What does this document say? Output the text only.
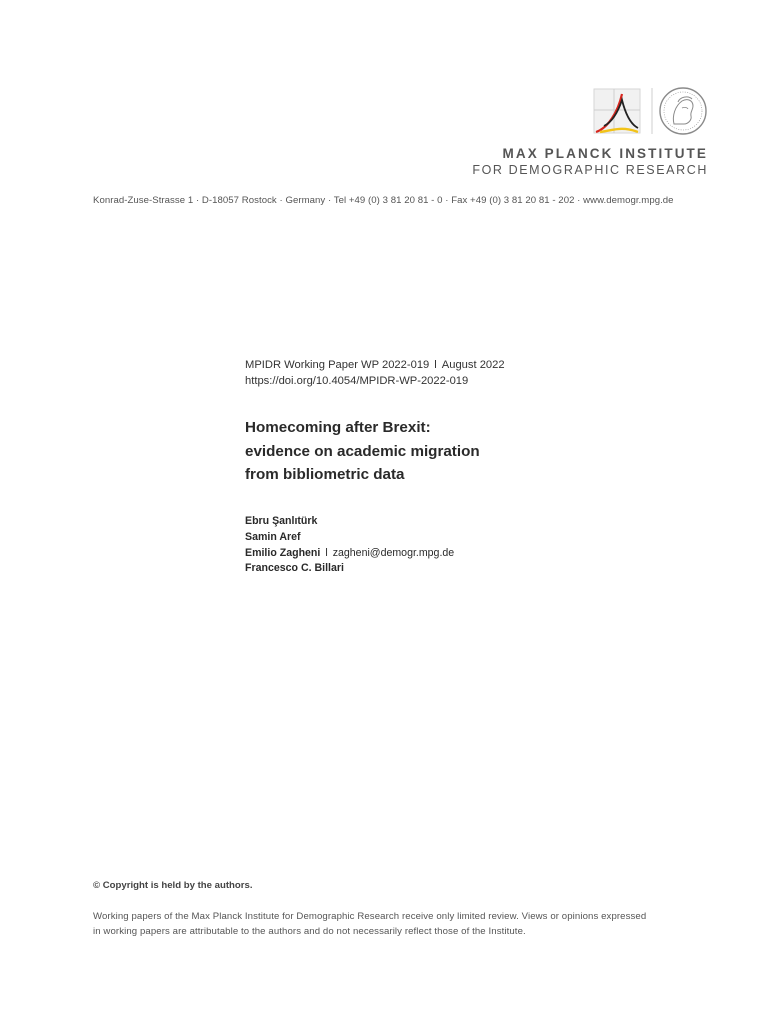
MAX PLANCK INSTITUTE
FOR DEMOGRAPHIC RESEARCH
Konrad-Zuse-Strasse 1 · D-18057 Rostock · Germany · Tel +49 (0) 3 81 20 81 - 0 · Fax +49 (0) 3 81 20 81 - 202 · www.demogr.mpg.de
MPIDR Working Paper WP 2022-019 l August 2022
https://doi.org/10.4054/MPIDR-WP-2022-019
Homecoming after Brexit:
evidence on academic migration
from bibliometric data
Ebru Şanlıtürk
Samin Aref
Emilio Zagheni l zagheni@demogr.mpg.de
Francesco C. Billari
© Copyright is held by the authors.
Working papers of the Max Planck Institute for Demographic Research receive only limited review. Views or opinions expressed
in working papers are attributable to the authors and do not necessarily reflect those of the Institute.
